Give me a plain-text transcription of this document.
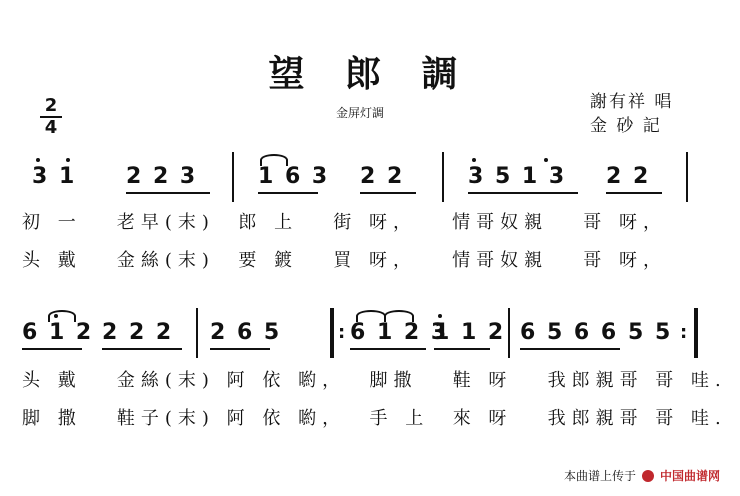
望 郎 調
2
4
金屏灯調
謝有祥 唱
金 砂 記
3 1 2 2 3	1 6 3 2 2	3 5 1 3 2 2
初 一   老早(末)  郎 上   街 呀，   情哥奴親   哥 呀，
头 戴   金絲(末)  要 鍍   買 呀，   情哥奴親   哥 呀，
6 1 2 2 2 2 2 6 5	: 6 1 2 3
1 1 2 6 5 6 6 5 5 :
头 戴   金絲(末) 阿 依 喲，  脚撒   鞋 呀   我郎親哥 哥 哇.
脚 撒   鞋子(末) 阿 依 喲，  手 上  來 呀   我郎親哥 哥 哇.
本曲谱上传于 中国曲谱网
